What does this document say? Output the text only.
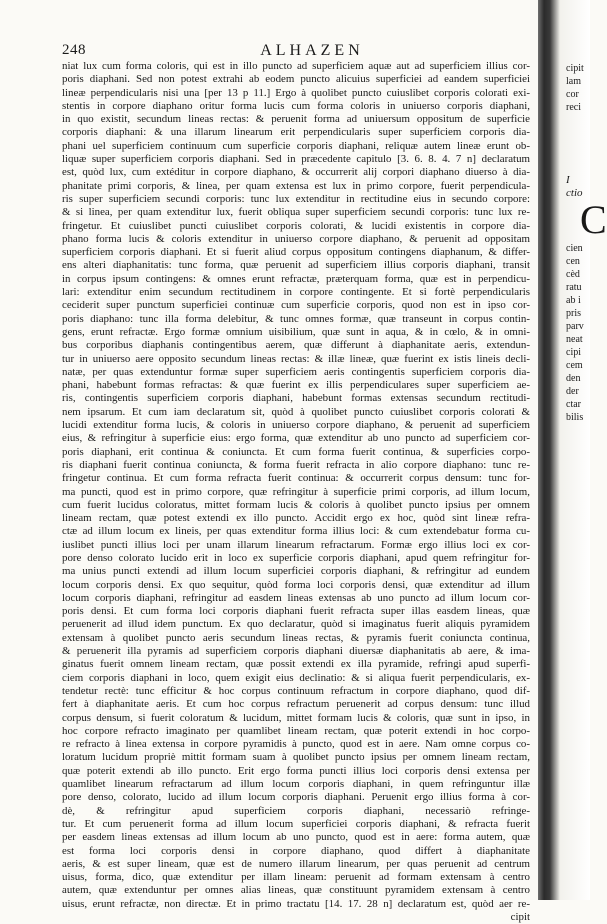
248	ALHAZEN
niat lux cum forma coloris, qui est in illo puncto ad superficiem aquæ aut ad superficiem illius cor-
poris diaphani. Sed non potest extrahi ab eodem puncto alicuius superficiei ad eandem superficiei
lineæ perpendicularis nisi una [per 13 p 11.] Ergo à quolibet puncto cuiuslibet corporis colorati exi-
stentis in corpore diaphano oritur forma lucis cum forma coloris in uniuerso corporis diaphani,
in quo existit, secundum lineas rectas: & peruenit forma ad uniuersum oppositum de superficie
corporis diaphani: & una illarum linearum erit perpendicularis super superficiem corporis dia-
phani uel superficiem continuum cum superficie corporis diaphani, reliquæ autem lineæ erunt ob-
liquæ super superficiem corporis diaphani. Sed in præcedente capitulo [3. 6. 8. 4. 7 n] declaratum
est, quòd lux, cum extéditur in corpore diaphano, & occurrerit alij corpori diaphano diuerso à dia-
phanitate primi corporis, & linea, per quam extensa est lux in primo corpore, fuerit perpendicula-
ris super superficiem secundi corporis: tunc lux extenditur in rectitudine eius in secundo corpore:
& si linea, per quam extenditur lux, fuerit obliqua super superficiem secundi corporis: tunc lux re-
fringetur. Et cuiuslibet puncti cuiuslibet corporis colorati, & lucidi existentis in corpore dia-
phano forma lucis & coloris extenditur in uniuerso corpore diaphano, & peruenit ad oppositam
superficiem corporis diaphani. Et si fuerit aliud corpus oppositum contingens diaphanum, & differ-
ens alteri diaphanitatis: tunc forma, quæ peruenit ad superficiem illius corporis diaphani, transit
in corpus ipsum contingens: & omnes erunt refractæ, præterquam forma, quæ est in perpendicu-
lari: extenditur enim secundum rectitudinem in corpore contingente. Et si fortè perpendicularis
ceciderit super punctum superficiei continuæ cum superficie corporis, quod non est in ipso cor-
poris diaphano: tunc illa forma delebitur, & tunc omnes formæ, quæ transeunt in corpus contin-
gens, erunt refractæ. Ergo formæ omnium uisibilium, quæ sunt in aqua, & in cœlo, & in omni-
bus corporibus diaphanis contingentibus aerem, quæ differunt à diaphanitate aeris, extendun-
tur in uniuerso aere opposito secundum lineas rectas: & illæ lineæ, quæ fuerint ex istis lineis decli-
natæ, per quas extenduntur formæ super superficiem aeris contingentis superficiem corporis dia-
phani, habebunt formas refractas: & quæ fuerint ex illis perpendiculares super superficiem ae-
ris, contingentis superficiem corporis diaphani, habebunt formas extensas secundum rectitudi-
nem ipsarum. Et cum iam declaratum sit, quòd à quolibet puncto cuiuslibet corporis colorati &
lucidi extenditur forma lucis, & coloris in uniuerso corpore diaphano, & peruenit ad superficiem
eius, & refringitur à superficie eius: ergo forma, quæ extenditur ab uno puncto ad superficiem cor-
poris diaphani, erit continua & coniuncta. Et cum forma fuerit continua, & superficies corpo-
ris diaphani fuerit continua coniuncta, & forma fuerit refracta in alio corpore diaphano: tunc re-
fringetur continua. Et cum forma refracta fuerit continua: & occurrerit corpus densum: tunc for-
ma puncti, quod est in primo corpore, quæ refringitur à superficie primi corporis, ad illum locum,
cum fuerit lucidus coloratus, mittet formam lucis & coloris à quolibet puncto ipsius per omnem
lineam rectam, quæ potest extendi ex illo puncto. Accidit ergo ex hoc, quòd sint lineæ refra-
ctæ ad illum locum ex lineis, per quas extenditur forma illius loci: & cum extendebatur forma cu-
iuslibet puncti illius loci per unam illarum linearum refractarum. Formæ ergo illius loci ex cor-
pore denso colorato lucido erit in loco ex superficie corporis diaphani, apud quem refringitur for-
ma unius puncti extendi ad illum locum superficiei corporis diaphani, & refringitur ad eundem
locum corporis densi. Ex quo sequitur, quòd forma loci corporis densi, quæ extenditur ad illum
locum corporis diaphani, refringitur ad easdem lineas extensas ab uno puncto ad illum locum cor-
poris densi. Et cum forma loci corporis diaphani fuerit refracta super illas easdem lineas, quæ
peruenerit ad illud idem punctum. Ex quo declaratur, quòd si imaginatus fuerit aliquis pyramidem
extensam à quolibet puncto aeris secundum lineas rectas, & pyramis fuerit coniuncta continua,
& peruenerit illa pyramis ad superficiem corporis diaphani diuersæ diaphanitatis ab aere, & ima-
ginatus fuerit omnem lineam rectam, quæ possit extendi ex illa pyramide, refringi apud superfi-
ciem corporis diaphani in loco, quem exigit eius declinatio: & si aliqua fuerit perpendicularis, ex-
tendetur rectè: tunc efficitur & hoc corpus continuum refractum in corpore diaphano, quod dif-
fert à diaphanitate aeris. Et cum hoc corpus refractum peruenerit ad corpus densum: tunc illud
corpus densum, si fuerit coloratum & lucidum, mittet formam lucis & coloris, quæ sunt in ipso, in
hoc corpore refracto imaginato per quamlibet lineam rectam, quæ poterit extendi in hoc corpo-
re refracto à linea extensa in corpore pyramidis à puncto, quod est in aere. Nam omne corpus co-
loratum lucidum propriè mittit formam suam à quolibet puncto ipsius per omnem lineam rectam,
quæ poterit extendi ab illo puncto. Erit ergo forma puncti illius loci corporis densi extensa per
quamlibet linearum refractarum ad illum locum corporis diaphani, in quem refringuntur illæ
pore denso, colorato, lucido ad illum locum corporis diaphani. Peruenit ergo illius forma à cor-
dè, & refringitur apud superficiem corporis diaphani, necessariò refringe-
tur. Et cum peruenerit forma ad illum locum superficiei corporis diaphani, & refracta fuerit
per easdem lineas extensas ad illum locum ab uno puncto, quod est in aere: forma autem, quæ
est forma loci corporis densi in corpore diaphano, quod differt à diaphanitate
aeris, & est super lineam, quæ est de numero illarum linearum, per quas peruenit ad centrum
uisus, forma, dico, quæ extenditur per illam lineam: peruenit ad formam extensam à centro
autem, quæ extenduntur per omnes alias lineas, quæ constituunt pyramidem extensam à centro
uisus, erunt refractæ, non directæ. Et in primo tractatu [14. 17. 28 n] declaratum est, quòd aer re-
cipit
cipit
lam
cor
reci
I
ctio
C
cien
cen
cèd
ratu
ab i
pris
parv
neat
cipi
cem
den
der
ctar
bilis
